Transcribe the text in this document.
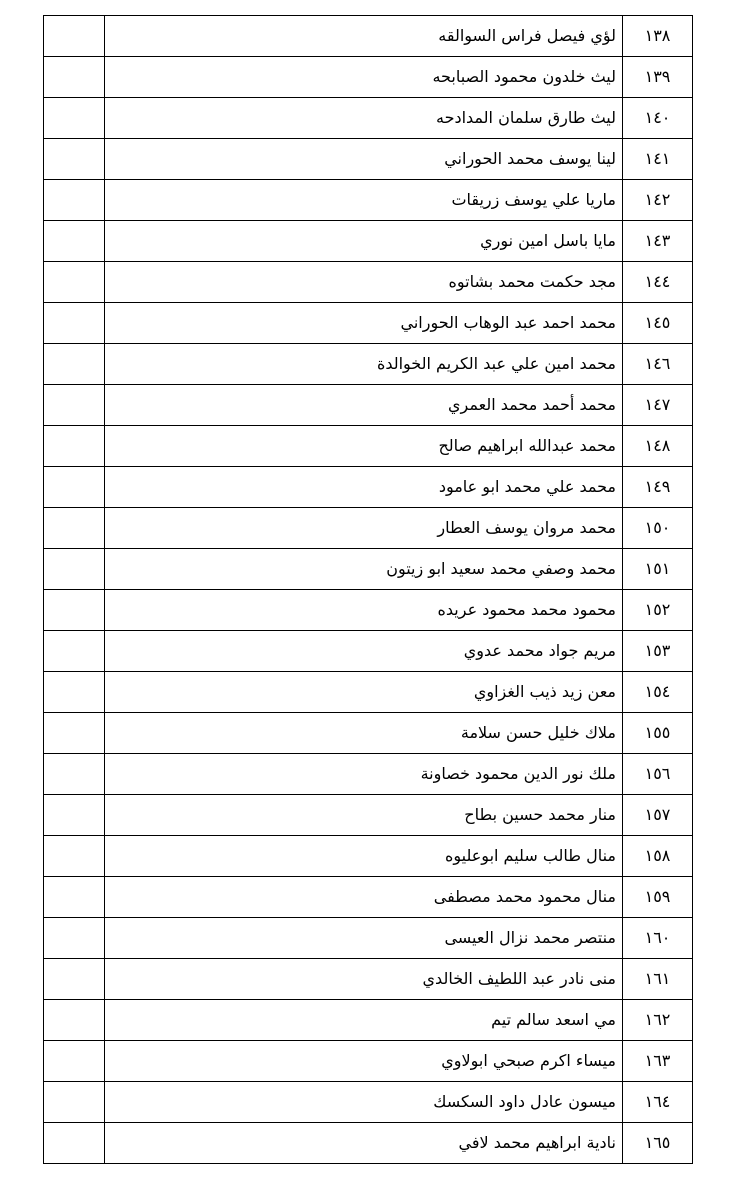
١٣٨	لؤي فيصل فراس السوالقه	
١٣٩	ليث خلدون محمود الصبابحه	
١٤٠	ليث طارق سلمان المدادحه	
١٤١	لينا يوسف محمد الحوراني	
١٤٢	ماريا علي يوسف زريقات	
١٤٣	مايا باسل امين نوري	
١٤٤	مجد حكمت محمد بشاتوه	
١٤٥	محمد احمد عبد الوهاب الحوراني	
١٤٦	محمد امين علي عبد الكريم الخوالدة	
١٤٧	محمد أحمد محمد العمري	
١٤٨	محمد عبدالله ابراهيم صالح	
١٤٩	محمد علي محمد ابو عامود	
١٥٠	محمد مروان يوسف العطار	
١٥١	محمد وصفي محمد سعيد ابو زيتون	
١٥٢	محمود محمد محمود عريده	
١٥٣	مريم جواد محمد عدوي	
١٥٤	معن زيد ذيب الغزاوي	
١٥٥	ملاك خليل حسن سلامة	
١٥٦	ملك نور الدين محمود خصاونة	
١٥٧	منار محمد حسين بطاح	
١٥٨	منال طالب سليم ابوعليوه	
١٥٩	منال محمود محمد مصطفى	
١٦٠	منتصر محمد نزال العيسى	
١٦١	منى نادر عبد اللطيف الخالدي	
١٦٢	مي اسعد سالم تيم	
١٦٣	ميساء اكرم صبحي ابولاوي	
١٦٤	ميسون عادل داود السكسك	
١٦٥	نادية ابراهيم محمد لافي	
